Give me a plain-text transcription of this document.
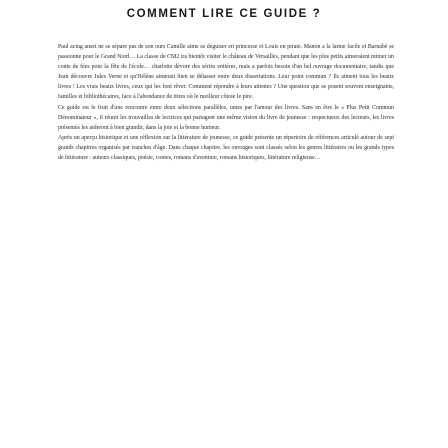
COMMENT LIRE CE GUIDE ?

Paul acing anset ne se sépare pas de son ours Camille aime se déguiser en princesse et Louis en pirate. Manon a la larme facile et Barnabé se passionne pour le Grand Nord… La classe de CM2 ira bientôt visiter le château de Versailles, pendant que les plus petits aimeraient mimer un conte de fées pour la fête de l'école… charlotte dévore des séries entières, mais a parfois besoin d'un bel ouvrage documentaire, tandis que Jean découvre Jules Verne et qu'Hélène aimerait bien se délasser entre deux dissertations. Leur point commun ? Ils aiment tous les beaux livres ! Les vrais beaux livres, ceux qui les font rêver. Comment répondre à leurs attentes ? Une question que se posent souvent enseignants, familles et bibliothécaires, face à l'abondance de titres où le meilleur côtoie le pire.

Ce guide est le fruit d'une rencontre entre deux sélections parallèles, unies par l'amour des livres. Sans en être le « Plus Petit Commun Dénominateur », il réunit les trouvailles de lectrices qui partagent une même vision du livre de jeunesse : respectueux des lecteurs, les livres présentés les aideront à bien grandir, dans la joie et la bonne humeur.

Après un aperçu historique et une réflexion sur la littérature de jeunesse, ce guide présente un répertoire de références articulé autour de sept grands chapitres organisés par tranches d'âge. Dans chaque chapitre, les ouvrages sont classés selon les genres littéraires ou les grands types de littérature : auteurs classiques, poésie, contes, romans d'aventure, romans historiques, littérature religieuse…
